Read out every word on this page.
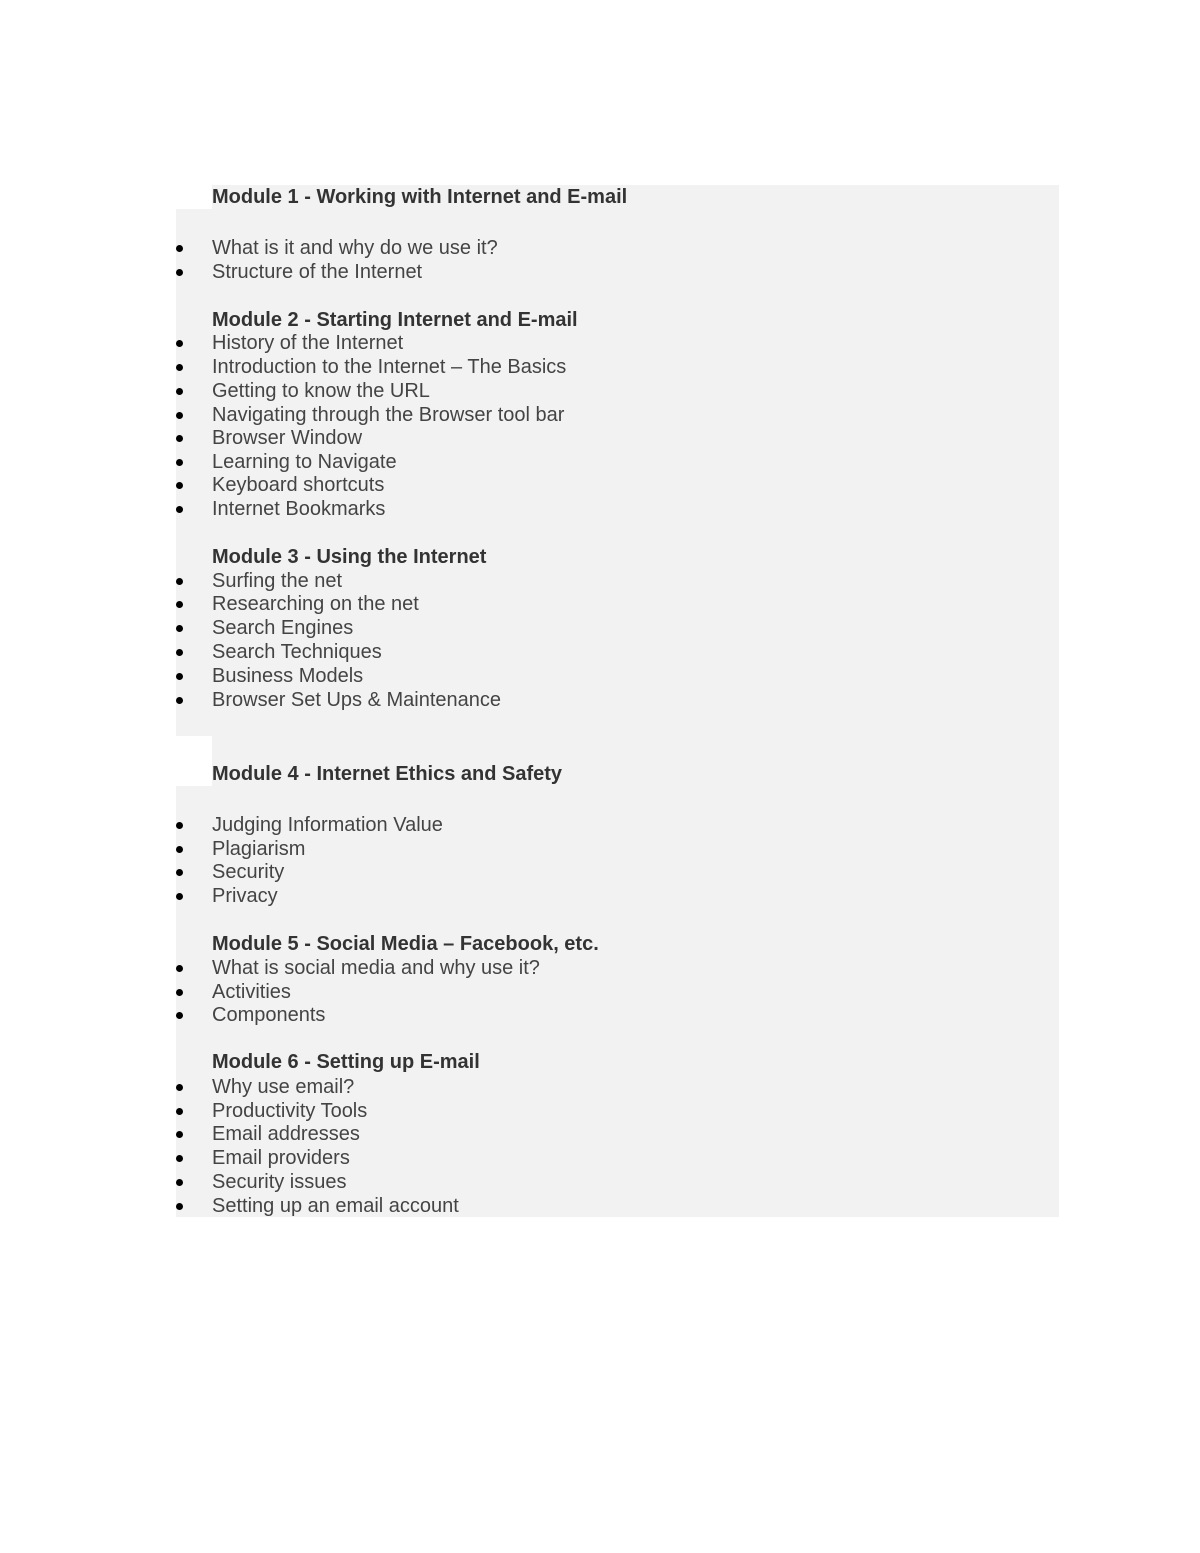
Module 1 - Working with Internet and E-mail
What is it and why do we use it?
Structure of the Internet
Module 2 - Starting Internet and E-mail
History of the Internet
Introduction to the Internet – The Basics
Getting to know the URL
Navigating through the Browser tool bar
Browser Window
Learning to Navigate
Keyboard shortcuts
Internet Bookmarks
Module 3 - Using the Internet
Surfing the net
Researching on the net
Search Engines
Search Techniques
Business Models
Browser Set Ups & Maintenance
Module 4 - Internet Ethics and Safety
Judging Information Value
Plagiarism
Security
Privacy
Module 5 - Social Media – Facebook, etc.
What is social media and why use it?
Activities
Components
Module 6 - Setting up E-mail
Why use email?
Productivity Tools
Email addresses
Email providers
Security issues
Setting up an email account
